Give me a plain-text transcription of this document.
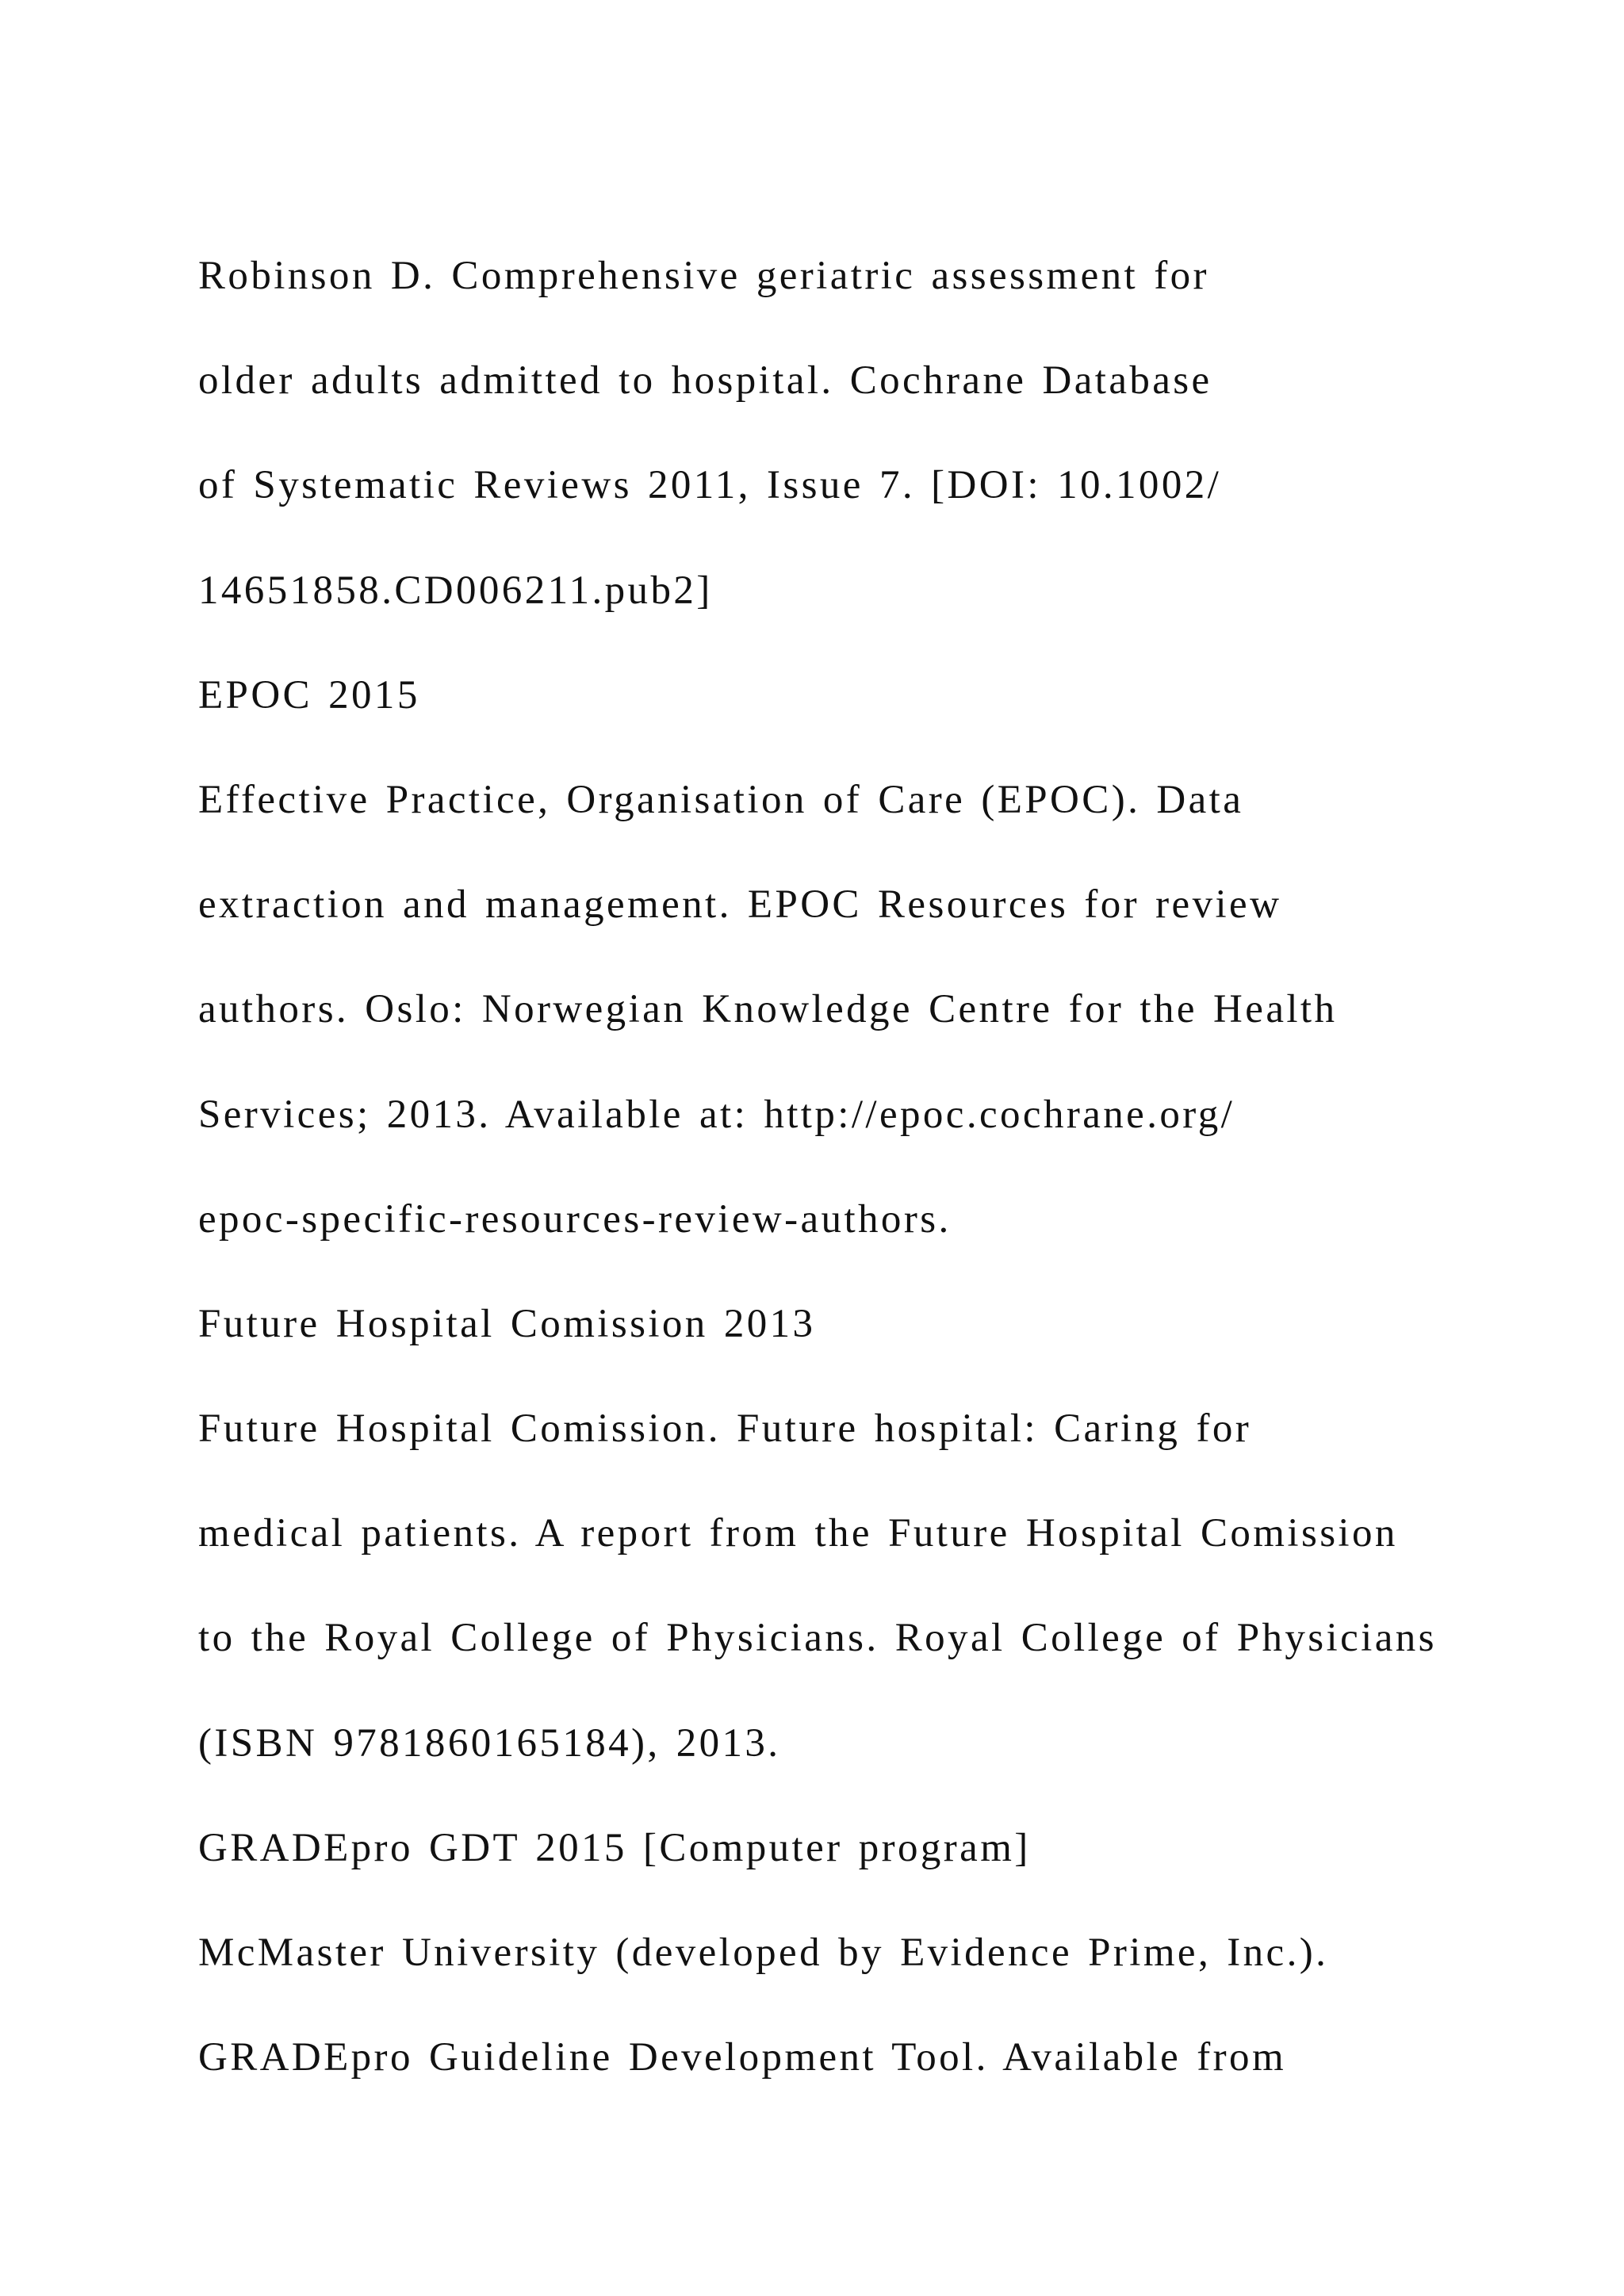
Robinson D. Comprehensive geriatric assessment for
older adults admitted to hospital. Cochrane Database
of Systematic Reviews 2011, Issue 7. [DOI: 10.1002/
14651858.CD006211.pub2]
EPOC 2015
Effective Practice, Organisation of Care (EPOC). Data
extraction and management. EPOC Resources for review
authors. Oslo: Norwegian Knowledge Centre for the Health
Services; 2013. Available at: http://epoc.cochrane.org/
epoc-specific-resources-review-authors.
Future Hospital Comission 2013
Future Hospital Comission. Future hospital: Caring for
medical patients. A report from the Future Hospital Comission
to the Royal College of Physicians. Royal College of Physicians
(ISBN 9781860165184), 2013.
GRADEpro GDT 2015 [Computer program]
McMaster University (developed by Evidence Prime, Inc.).
GRADEpro Guideline Development Tool. Available from
